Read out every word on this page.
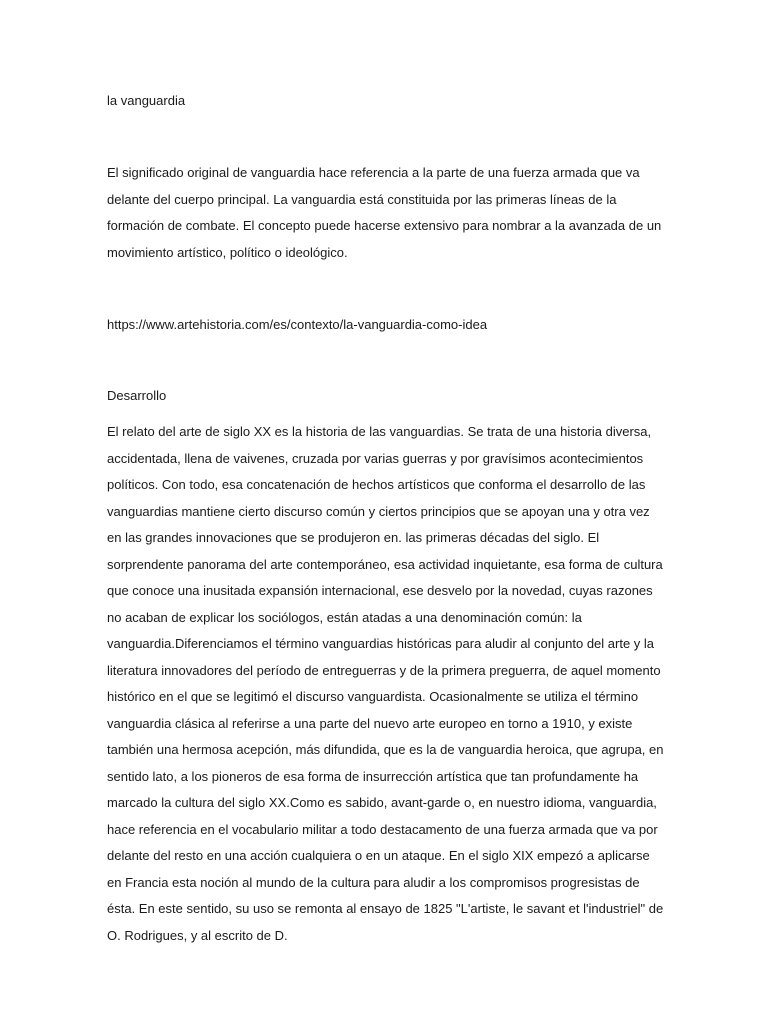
la vanguardia

El significado original de vanguardia hace referencia a la parte de una fuerza armada que va delante del cuerpo principal. La vanguardia está constituida por las primeras líneas de la formación de combate. El concepto puede hacerse extensivo para nombrar a la avanzada de un movimiento artístico, político o ideológico.

https://www.artehistoria.com/es/contexto/la-vanguardia-como-idea

Desarrollo

El relato del arte de siglo XX es la historia de las vanguardias. Se trata de una historia diversa, accidentada, llena de vaivenes, cruzada por varias guerras y por gravísimos acontecimientos políticos. Con todo, esa concatenación de hechos artísticos que conforma el desarrollo de las vanguardias mantiene cierto discurso común y ciertos principios que se apoyan una y otra vez en las grandes innovaciones que se produjeron en. las primeras décadas del siglo. El sorprendente panorama del arte contemporáneo, esa actividad inquietante, esa forma de cultura que conoce una inusitada expansión internacional, ese desvelo por la novedad, cuyas razones no acaban de explicar los sociólogos, están atadas a una denominación común: la vanguardia.Diferenciamos el término vanguardias históricas para aludir al conjunto del arte y la literatura innovadores del período de entreguerras y de la primera preguerra, de aquel momento histórico en el que se legitimó el discurso vanguardista. Ocasionalmente se utiliza el término vanguardia clásica al referirse a una parte del nuevo arte europeo en torno a 1910, y existe también una hermosa acepción, más difundida, que es la de vanguardia heroica, que agrupa, en sentido lato, a los pioneros de esa forma de insurrección artística que tan profundamente ha marcado la cultura del siglo XX.Como es sabido, avant-garde o, en nuestro idioma, vanguardia, hace referencia en el vocabulario militar a todo destacamento de una fuerza armada que va por delante del resto en una acción cualquiera o en un ataque. En el siglo XIX empezó a aplicarse en Francia esta noción al mundo de la cultura para aludir a los compromisos progresistas de ésta. En este sentido, su uso se remonta al ensayo de 1825 "L'artiste, le savant et l'industriel" de O. Rodrigues, y al escrito de D.
